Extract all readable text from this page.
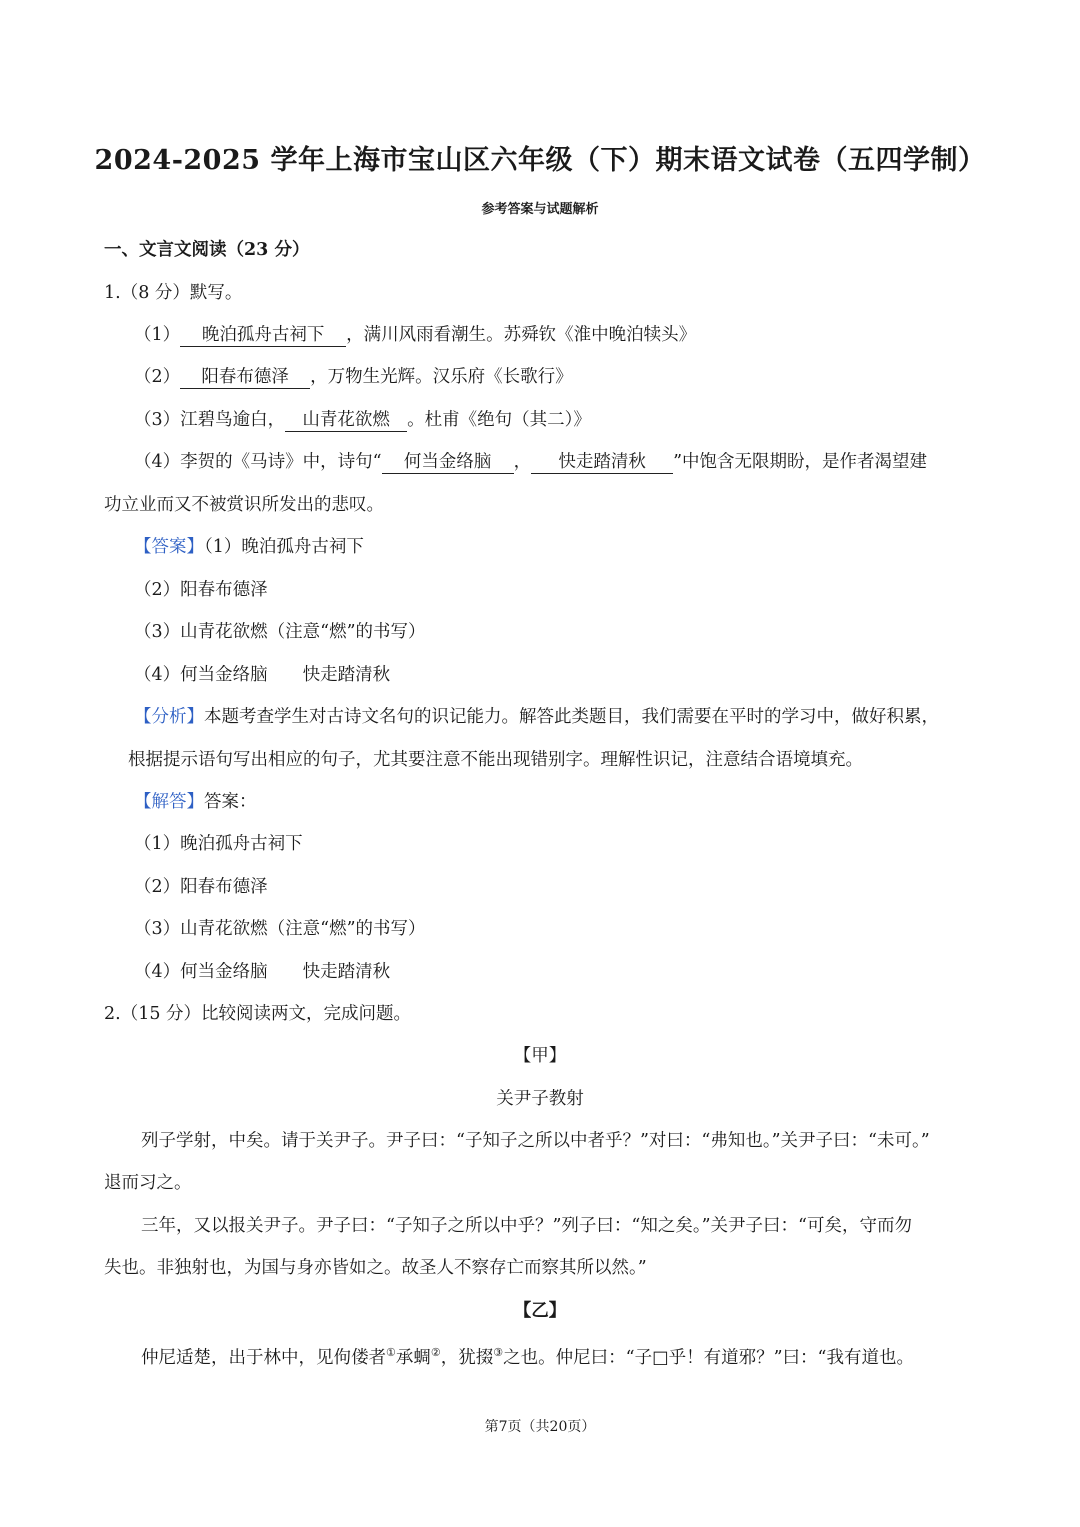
2024-2025 学年上海市宝山区六年级（下）期末语文试卷（五四学制）
参考答案与试题解析
一、文言文阅读（23 分）
1.（8 分）默写。
（1） 晚泊孤舟古祠下 ，满川风雨看潮生。苏舜钦《淮中晚泊犊头》
（2） 阳春布德泽 ，万物生光辉。汉乐府《长歌行》
（3）江碧鸟逾白， 山青花欲燃 。杜甫《绝句（其二）》
（4）李贺的《马诗》中，诗句“ 何当金络脑 ， 快走踏清秋 ”中饱含无限期盼，是作者渴望建
功立业而又不被赏识所发出的悲叹。
【答案】（1）晚泊孤舟古祠下
（2）阳春布德泽
（3）山青花欲燃（注意“燃”的书写）
（4）何当金络脑　　快走踏清秋
【分析】本题考查学生对古诗文名句的识记能力。解答此类题目，我们需要在平时的学习中，做好积累，
根据提示语句写出相应的句子，尤其要注意不能出现错别字。理解性识记，注意结合语境填充。
【解答】答案：
（1）晚泊孤舟古祠下
（2）阳春布德泽
（3）山青花欲燃（注意“燃”的书写）
（4）何当金络脑　　快走踏清秋
2.（15 分）比较阅读两文，完成问题。
【甲】
关尹子教射
列子学射，中矣。请于关尹子。尹子曰：“子知子之所以中者乎？”对曰：“弗知也。”关尹子曰：“未可。”
退而习之。
三年，又以报关尹子。尹子曰：“子知子之所以中乎？”列子曰：“知之矣。”关尹子曰：“可矣，守而勿
失也。非独射也，为国与身亦皆如之。故圣人不察存亡而察其所以然。”
【乙】
仲尼适楚，出于林中，见佝偻者①承蜩②，犹掇③之也。仲尼曰：“子□乎！有道邪？”曰：“我有道也。
第7页（共20页）
